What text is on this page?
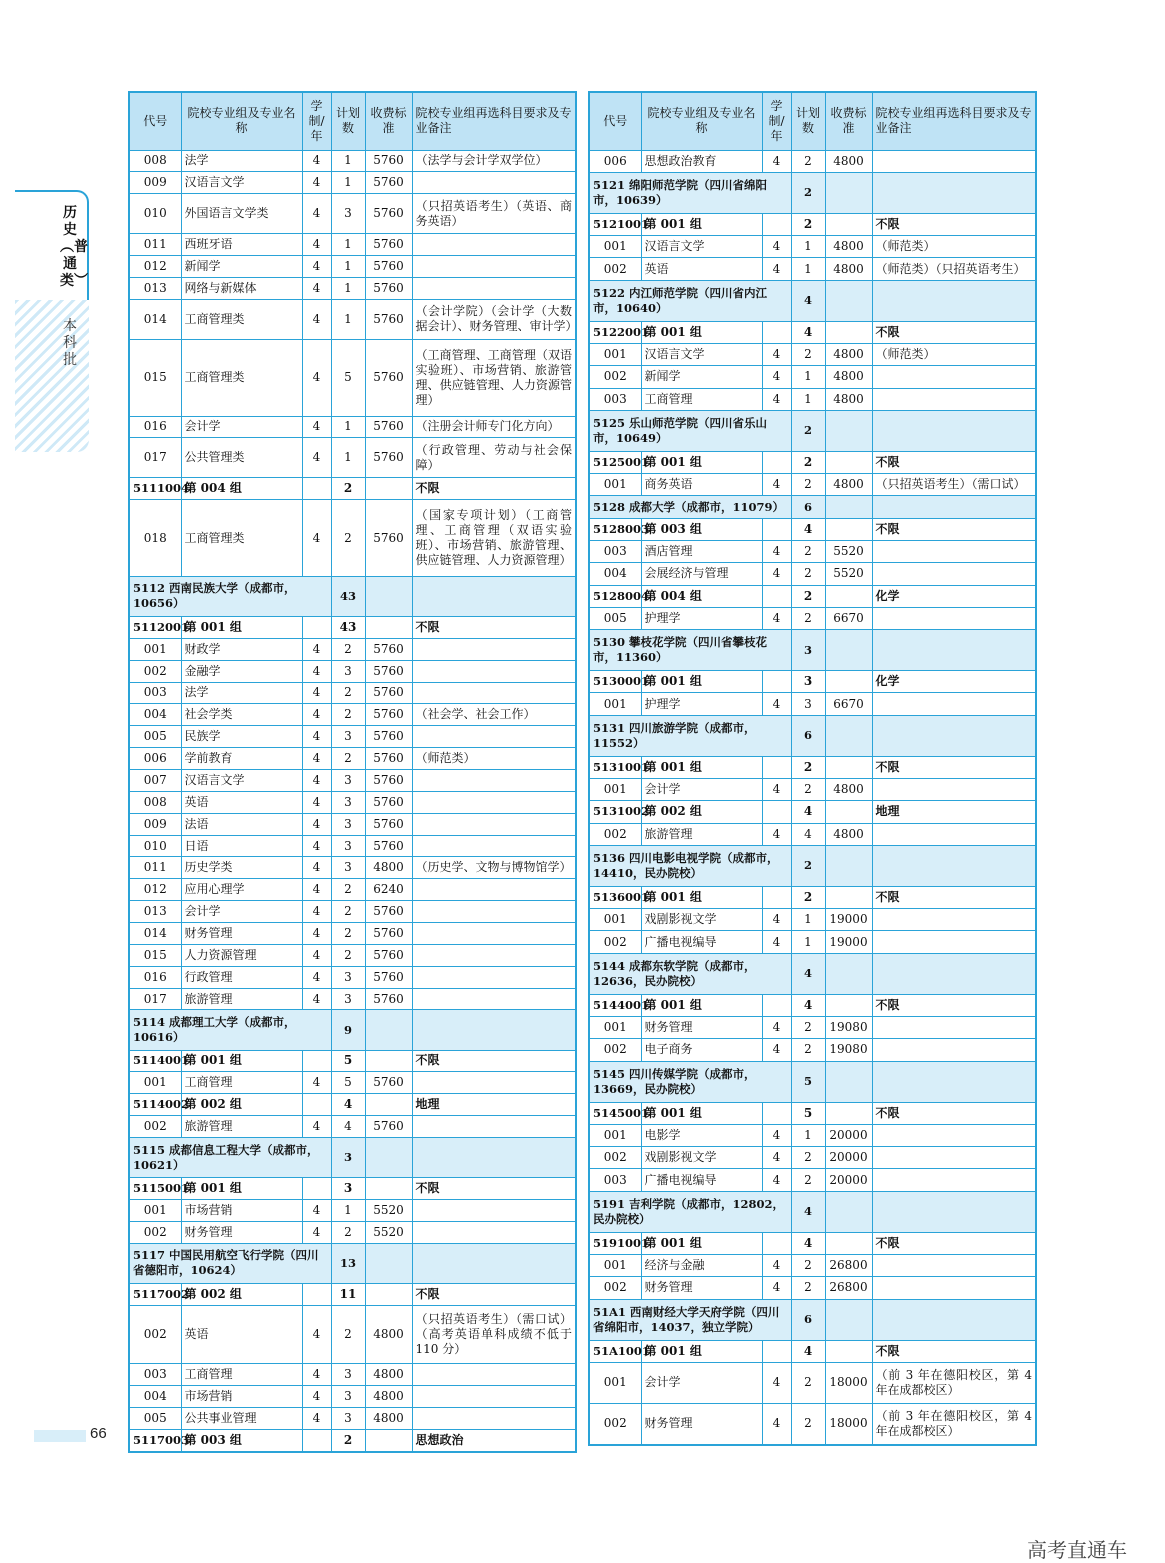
历史︵普通类︶
本科批
代号	院校专业组及专业名称	学制/年	计划数	收费标准	院校专业组再选科目要求及专业备注
008	法学	4	1	5760	（法学与会计学双学位）
009	汉语言文学	4	1	5760	
010	外国语言文学类	4	3	5760	（只招英语考生）（英语、商务英语）
011	西班牙语	4	1	5760	
012	新闻学	4	1	5760	
013	网络与新媒体	4	1	5760	
014	工商管理类	4	1	5760	（会计学院）（会计学（大数据会计）、财务管理、审计学）
015	工商管理类	4	5	5760	（工商管理、工商管理（双语实验班）、市场营销、旅游管理、供应链管理、人力资源管理）
016	会计学	4	1	5760	（注册会计师专门化方向）
017	公共管理类	4	1	5760	（行政管理、劳动与社会保障）
5111004	第 004 组		2		不限
018	工商管理类	4	2	5760	（国家专项计划）（工商管理、工商管理（双语实验班）、市场营销、旅游管理、供应链管理、人力资源管理）
5112 西南民族大学（成都市，10656）			43		
5112001	第 001 组		43		不限
001	财政学	4	2	5760	
002	金融学	4	3	5760	
003	法学	4	2	5760	
004	社会学类	4	2	5760	（社会学、社会工作）
005	民族学	4	3	5760	
006	学前教育	4	2	5760	（师范类）
007	汉语言文学	4	3	5760	
008	英语	4	3	5760	
009	法语	4	3	5760	
010	日语	4	3	5760	
011	历史学类	4	3	4800	（历史学、文物与博物馆学）
012	应用心理学	4	2	6240	
013	会计学	4	2	5760	
014	财务管理	4	2	5760	
015	人力资源管理	4	2	5760	
016	行政管理	4	3	5760	
017	旅游管理	4	3	5760	
5114 成都理工大学（成都市，10616）			9		
5114001	第 001 组		5		不限
001	工商管理	4	5	5760	
5114002	第 002 组		4		地理
002	旅游管理	4	4	5760	
5115 成都信息工程大学（成都市，10621）			3		
5115001	第 001 组		3		不限
001	市场营销	4	1	5520	
002	财务管理	4	2	5520	
5117 中国民用航空飞行学院（四川省德阳市，10624）			13		
5117002	第 002 组		11		不限
002	英语	4	2	4800	（只招英语考生）（需口试）（高考英语单科成绩不低于 110 分）
003	工商管理	4	3	4800	
004	市场营销	4	3	4800	
005	公共事业管理	4	3	4800	
5117003	第 003 组		2		思想政治
代号	院校专业组及专业名称	学制/年	计划数	收费标准	院校专业组再选科目要求及专业备注
006	思想政治教育	4	2	4800	
5121 绵阳师范学院（四川省绵阳市，10639）			2		
5121001	第 001 组		2		不限
001	汉语言文学	4	1	4800	（师范类）
002	英语	4	1	4800	（师范类）（只招英语考生）
5122 内江师范学院（四川省内江市，10640）			4		
5122001	第 001 组		4		不限
001	汉语言文学	4	2	4800	（师范类）
002	新闻学	4	1	4800	
003	工商管理	4	1	4800	
5125 乐山师范学院（四川省乐山市，10649）			2		
5125001	第 001 组		2		不限
001	商务英语	4	2	4800	（只招英语考生）（需口试）
5128 成都大学（成都市，11079）			6		
5128003	第 003 组		4		不限
003	酒店管理	4	2	5520	
004	会展经济与管理	4	2	5520	
5128004	第 004 组		2		化学
005	护理学	4	2	6670	
5130 攀枝花学院（四川省攀枝花市，11360）			3		
5130001	第 001 组		3		化学
001	护理学	4	3	6670	
5131 四川旅游学院（成都市，11552）			6		
5131001	第 001 组		2		不限
001	会计学	4	2	4800	
5131002	第 002 组		4		地理
002	旅游管理	4	4	4800	
5136 四川电影电视学院（成都市，14410，民办院校）			2		
5136001	第 001 组		2		不限
001	戏剧影视文学	4	1	19000	
002	广播电视编导	4	1	19000	
5144 成都东软学院（成都市，12636，民办院校）			4		
5144001	第 001 组		4		不限
001	财务管理	4	2	19080	
002	电子商务	4	2	19080	
5145 四川传媒学院（成都市，13669，民办院校）			5		
5145001	第 001 组		5		不限
001	电影学	4	1	20000	
002	戏剧影视文学	4	2	20000	
003	广播电视编导	4	2	20000	
5191 吉利学院（成都市，12802，民办院校）			4		
5191001	第 001 组		4		不限
001	经济与金融	4	2	26800	
002	财务管理	4	2	26800	
51A1 西南财经大学天府学院（四川省绵阳市，14037，独立学院）			6		
51A1001	第 001 组		4		不限
001	会计学	4	2	18000	（前 3 年在德阳校区，第 4 年在成都校区）
002	财务管理	4	2	18000	（前 3 年在德阳校区，第 4 年在成都校区）
66
高考直通车
